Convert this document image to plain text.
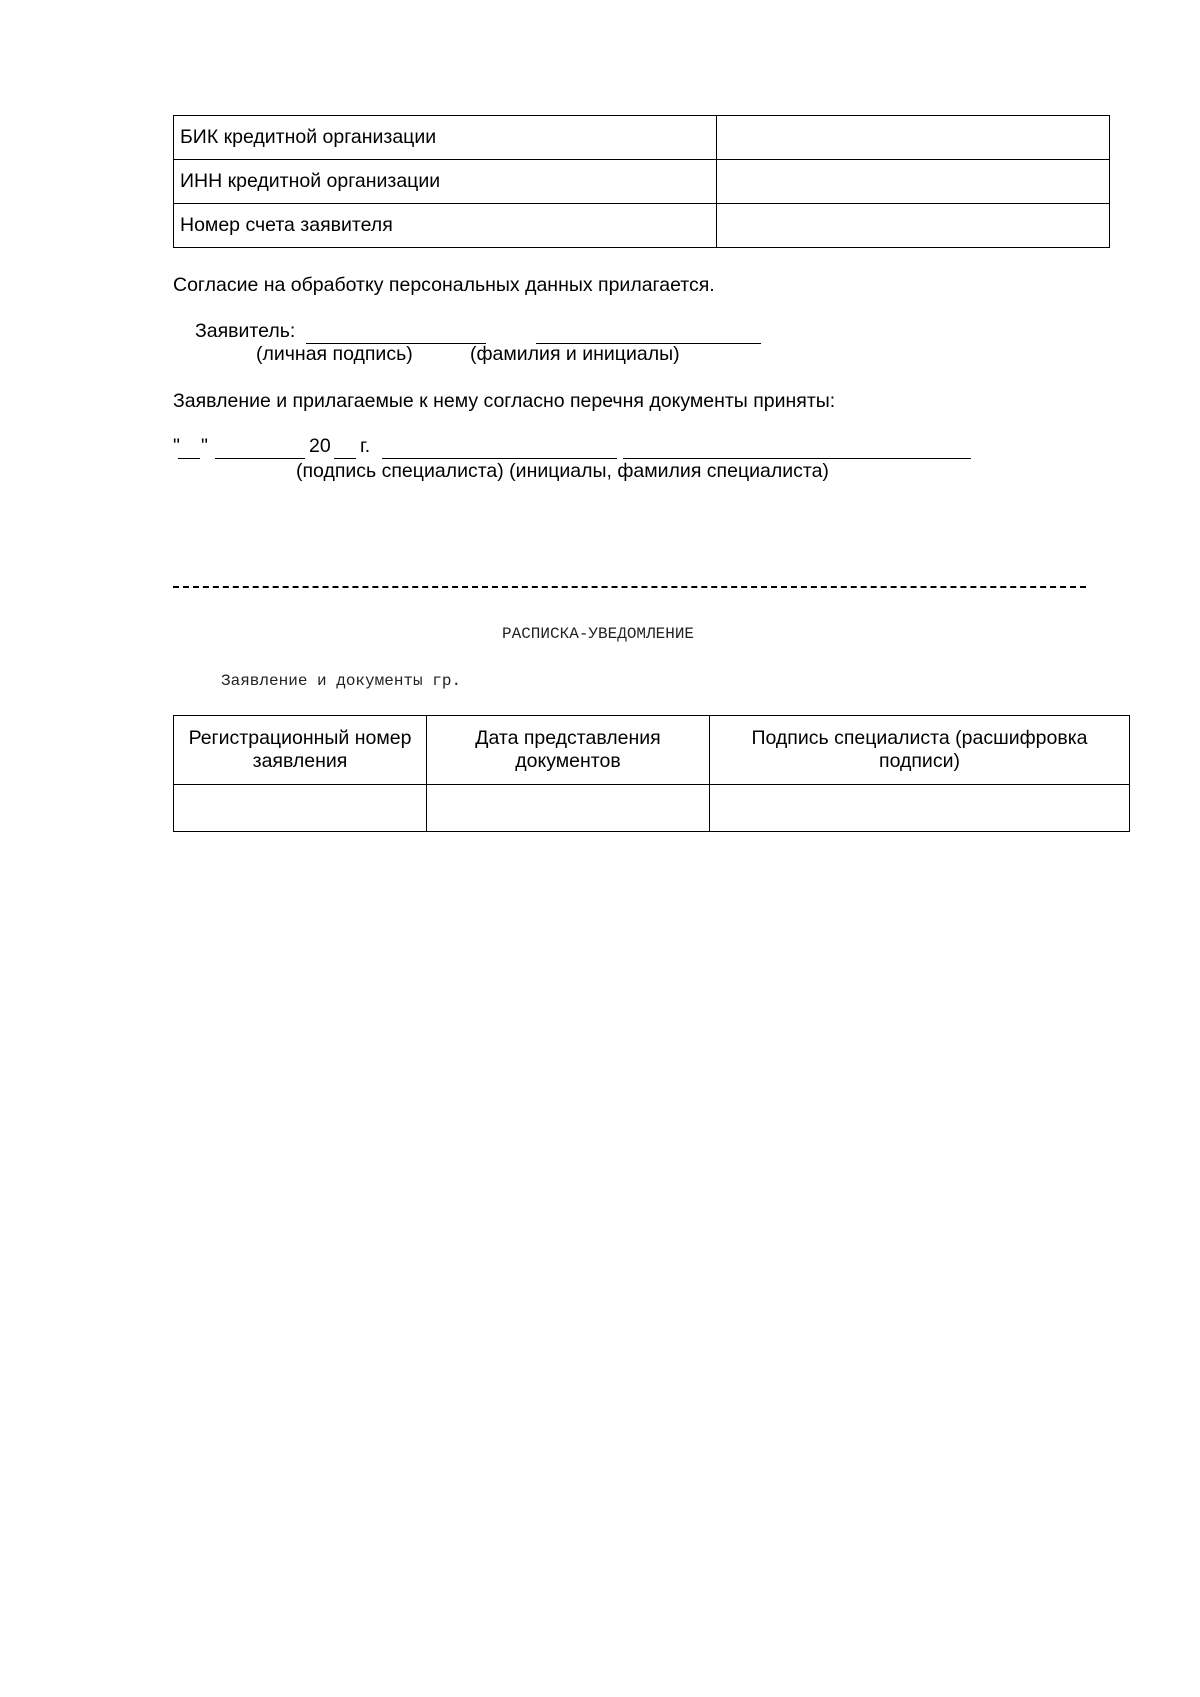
БИК кредитной организации	
ИНН кредитной организации	
Номер счета заявителя	
Согласие на обработку персональных данных прилагается.
Заявитель:
(личная подпись)	(фамилия и инициалы)
Заявление и прилагаемые к нему согласно перечня документы приняты:
" "	20 г.
(подпись специалиста) (инициалы, фамилия специалиста)
РАСПИСКА-УВЕДОМЛЕНИЕ
Заявление и документы гр.
Регистрационный номер заявления	Дата представления документов	Подпись специалиста (расшифровка подписи)
